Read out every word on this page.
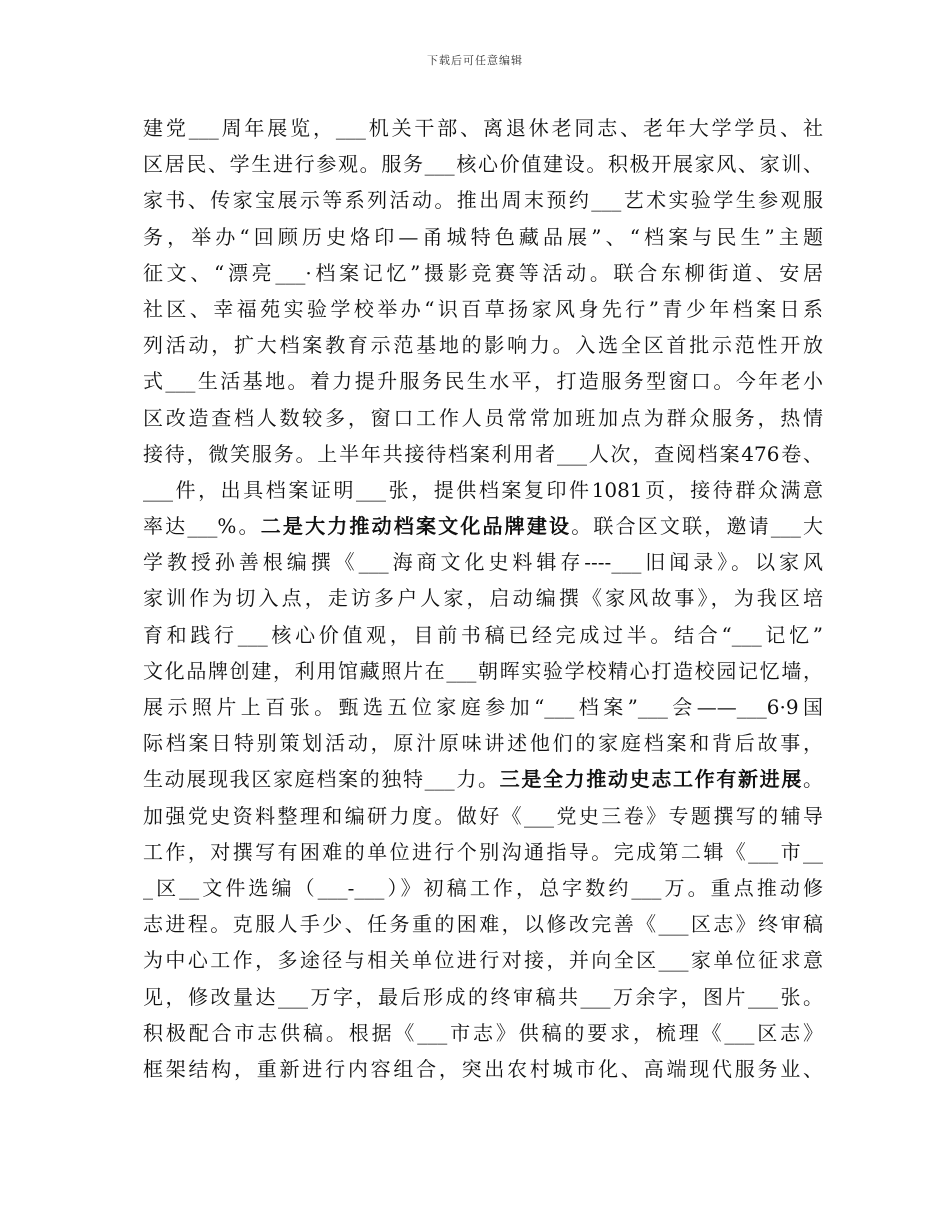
下载后可任意编辑
建党___周年展览，___机关干部、离退休老同志、老年大学学员、社
区居民、学生进行参观。服务___核心价值建设。积极开展家风、家训、
家书、传家宝展示等系列活动。推出周末预约___艺术实验学生参观服
务，举办“回顾历史烙印—甬城特色藏品展”、“档案与民生”主题
征文、“漂亮___·档案记忆”摄影竞赛等活动。联合东柳街道、安居
社区、幸福苑实验学校举办“识百草扬家风身先行”青少年档案日系
列活动，扩大档案教育示范基地的影响力。入选全区首批示范性开放
式___生活基地。着力提升服务民生水平，打造服务型窗口。今年老小
区改造查档人数较多，窗口工作人员常常加班加点为群众服务，热情
接待，微笑服务。上半年共接待档案利用者___人次，查阅档案476卷、
___件，出具档案证明___张，提供档案复印件1081页，接待群众满意
率达___%。二是大力推动档案文化品牌建设。联合区文联，邀请___大
学教授孙善根编撰《___海商文化史料辑存----___旧闻录》。以家风
家训作为切入点，走访多户人家，启动编撰《家风故事》，为我区培
育和践行___核心价值观，目前书稿已经完成过半。结合“___记忆”
文化品牌创建，利用馆藏照片在___朝晖实验学校精心打造校园记忆墙，
展示照片上百张。甄选五位家庭参加“___档案”___会——___6·9国
际档案日特别策划活动，原汁原味讲述他们的家庭档案和背后故事，
生动展现我区家庭档案的独特___力。三是全力推动史志工作有新进展。
加强党史资料整理和编研力度。做好《___党史三卷》专题撰写的辅导
工作，对撰写有困难的单位进行个别沟通指导。完成第二辑《___市__
_区__文件选编（___-___）》初稿工作，总字数约___万。重点推动修
志进程。克服人手少、任务重的困难，以修改完善《___区志》终审稿
为中心工作，多途径与相关单位进行对接，并向全区___家单位征求意
见，修改量达___万字，最后形成的终审稿共___万余字，图片___张。
积极配合市志供稿。根据《___市志》供稿的要求，梳理《___区志》
框架结构，重新进行内容组合，突出农村城市化、高端现代服务业、
